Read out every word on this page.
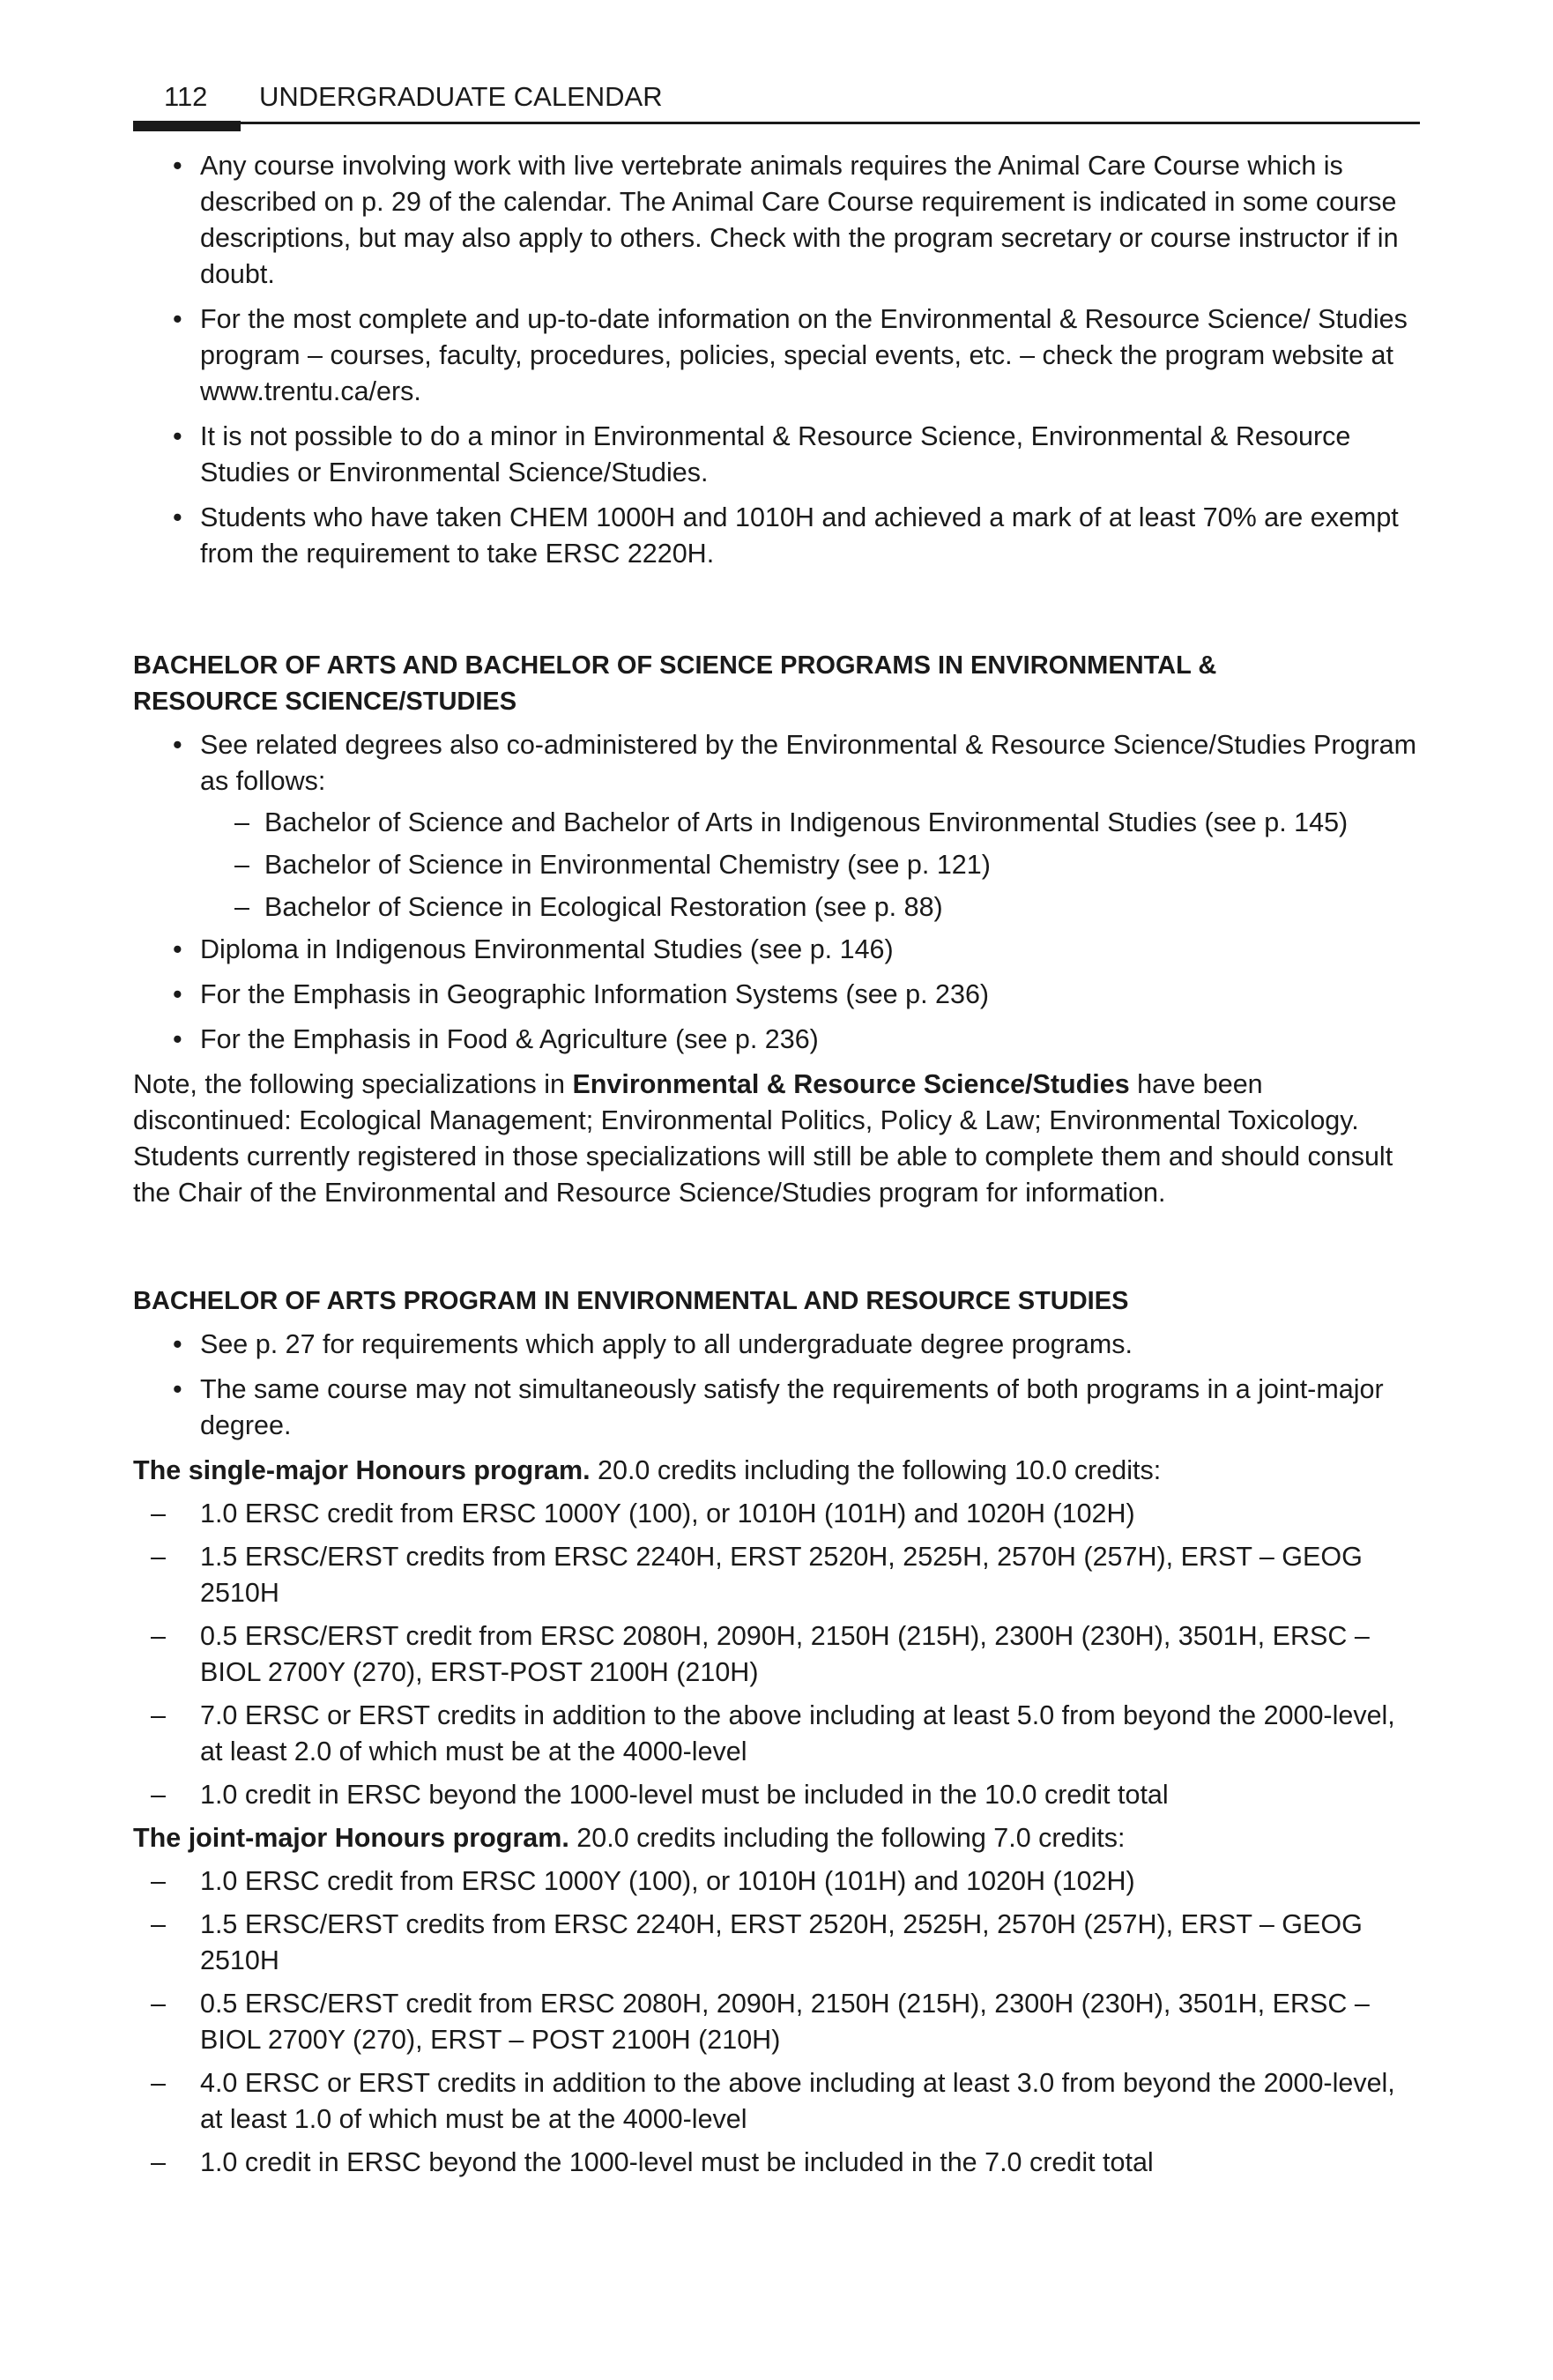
112	UNDERGRADUATE CALENDAR
• Any course involving work with live vertebrate animals requires the Animal Care Course which is described on p. 29 of the calendar. The Animal Care Course requirement is indicated in some course descriptions, but may also apply to others. Check with the program secretary or course instructor if in doubt.
• For the most complete and up-to-date information on the Environmental & Resource Science/ Studies program – courses, faculty, procedures, policies, special events, etc. – check the program website at www.trentu.ca/ers.
• It is not possible to do a minor in Environmental & Resource Science, Environmental & Resource Studies or Environmental Science/Studies.
• Students who have taken CHEM 1000H and 1010H and achieved a mark of at least 70% are exempt from the requirement to take ERSC 2220H.
BACHELOR OF ARTS AND BACHELOR OF SCIENCE PROGRAMS IN ENVIRONMENTAL & RESOURCE SCIENCE/STUDIES
• See related degrees also co-administered by the Environmental & Resource Science/Studies Program as follows:
– Bachelor of Science and Bachelor of Arts in Indigenous Environmental Studies (see p. 145)
– Bachelor of Science in Environmental Chemistry (see p. 121)
– Bachelor of Science in Ecological Restoration (see p. 88)
• Diploma in Indigenous Environmental Studies (see p. 146)
• For the Emphasis in Geographic Information Systems (see p. 236)
• For the Emphasis in Food & Agriculture (see p. 236)
Note, the following specializations in Environmental & Resource Science/Studies have been discontinued: Ecological Management; Environmental Politics, Policy & Law; Environmental Toxicology. Students currently registered in those specializations will still be able to complete them and should consult the Chair of the Environmental and Resource Science/Studies program for information.
BACHELOR OF ARTS PROGRAM IN ENVIRONMENTAL AND RESOURCE STUDIES
• See p. 27 for requirements which apply to all undergraduate degree programs.
• The same course may not simultaneously satisfy the requirements of both programs in a joint-major degree.
The single-major Honours program. 20.0 credits including the following 10.0 credits:
– 1.0 ERSC credit from ERSC 1000Y (100), or 1010H (101H) and 1020H (102H)
– 1.5 ERSC/ERST credits from ERSC 2240H, ERST 2520H, 2525H, 2570H (257H), ERST – GEOG 2510H
– 0.5 ERSC/ERST credit from ERSC 2080H, 2090H, 2150H (215H), 2300H (230H), 3501H, ERSC – BIOL 2700Y (270), ERST-POST 2100H (210H)
– 7.0 ERSC or ERST credits in addition to the above including at least 5.0 from beyond the 2000-level, at least 2.0 of which must be at the 4000-level
– 1.0 credit in ERSC beyond the 1000-level must be included in the 10.0 credit total
The joint-major Honours program. 20.0 credits including the following 7.0 credits:
– 1.0 ERSC credit from ERSC 1000Y (100), or 1010H (101H) and 1020H (102H)
– 1.5 ERSC/ERST credits from ERSC 2240H, ERST 2520H, 2525H, 2570H (257H), ERST – GEOG 2510H
– 0.5 ERSC/ERST credit from ERSC 2080H, 2090H, 2150H (215H), 2300H (230H), 3501H, ERSC – BIOL 2700Y (270), ERST – POST 2100H (210H)
– 4.0 ERSC or ERST credits in addition to the above including at least 3.0 from beyond the 2000-level, at least 1.0 of which must be at the 4000-level
– 1.0 credit in ERSC beyond the 1000-level must be included in the 7.0 credit total
